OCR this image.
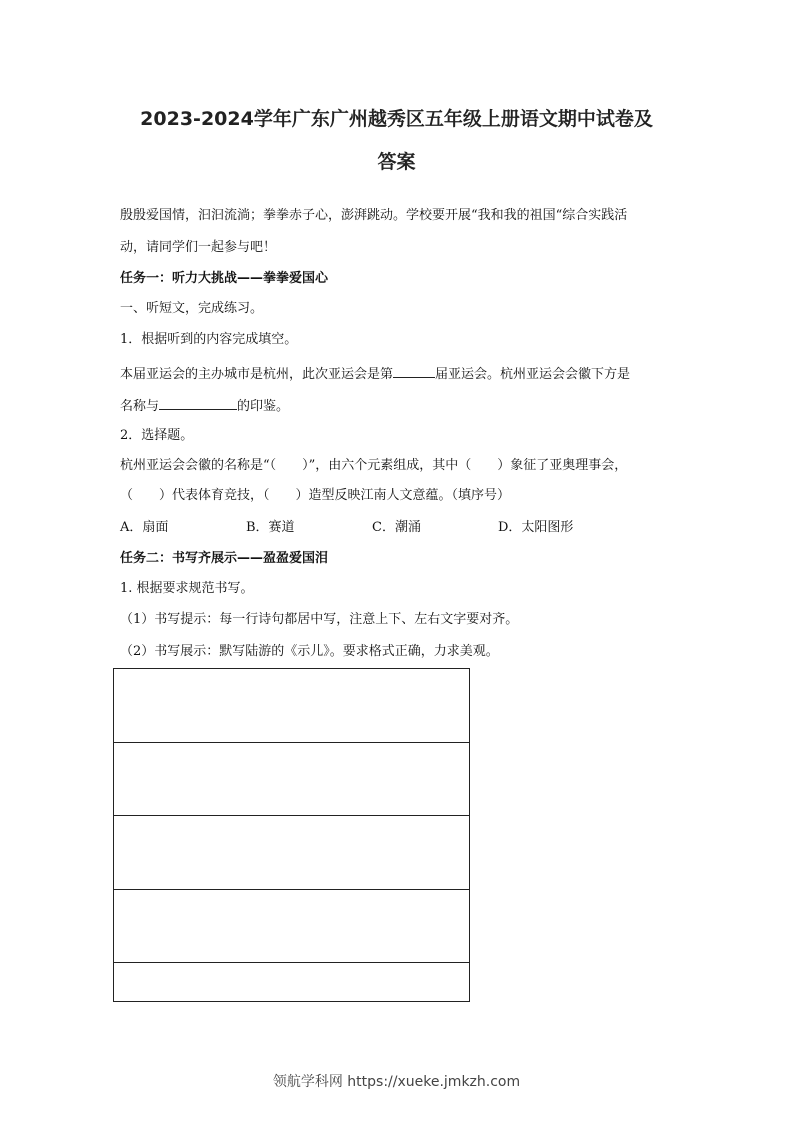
2023-2024学年广东广州越秀区五年级上册语文期中试卷及
答案

殷殷爱国情，汩汩流淌；拳拳赤子心，澎湃跳动。学校要开展“我和我的祖国“综合实践活

动，请同学们一起参与吧！

任务一：听力大挑战——拳拳爱国心

一、听短文，完成练习。

1．根据听到的内容完成填空。

本届亚运会的主办城市是杭州，此次亚运会是第	届亚运会。杭州亚运会会徽下方是

名称与	的印鉴。

2．选择题。

杭州亚运会会徽的名称是“（　　）”，由六个元素组成，其中（　　）象征了亚奥理事会，

（　　）代表体育竞技，（　　）造型反映江南人文意蕴。（填序号）

A．扇面	B．赛道	C．潮涌	D．太阳图形

任务二：书写齐展示——盈盈爱国泪

1. 根据要求规范书写。

（1）书写提示：每一行诗句都居中写，注意上下、左右文字要对齐。

（2）书写展示：默写陆游的《示儿》。要求格式正确，力求美观。

领航学科网 https://xueke.jmkzh.com
